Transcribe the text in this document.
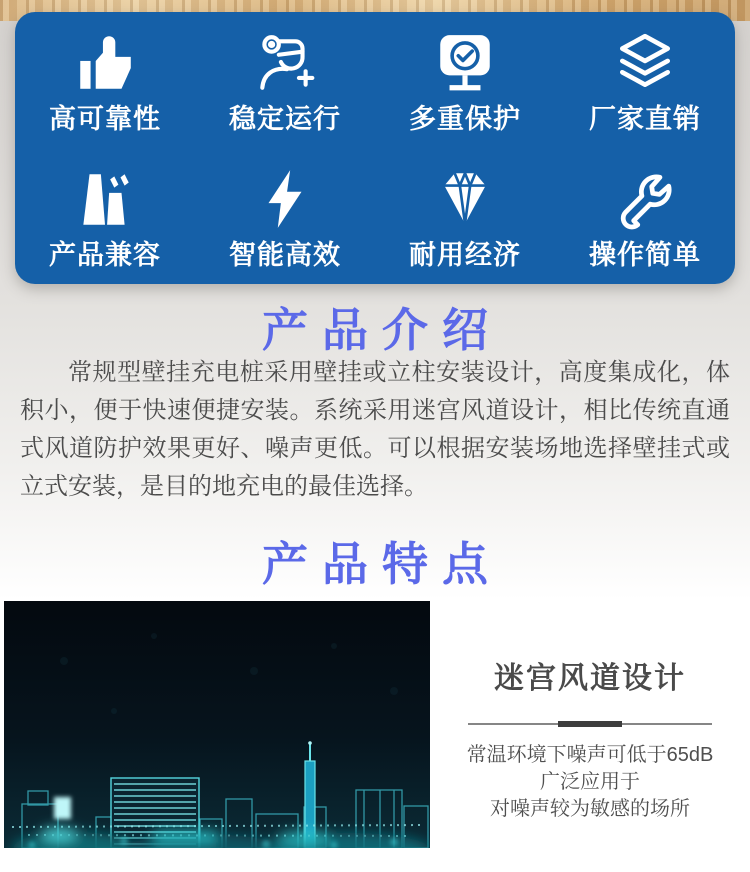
高可靠性	稳定运行	多重保护	厂家直销
产品兼容	智能高效	耐用经济	操作简单
产品介绍

常规型壁挂充电桩采用壁挂或立柱安装设计，高度集成化，体积小，便于快速便捷安装。系统采用迷宫风道设计，相比传统直通式风道防护效果更好、噪声更低。可以根据安装场地选择壁挂式或立式安装，是目的地充电的最佳选择。

产品特点
迷宫风道设计

常温环境下噪声可低于65dB

广泛应用于

对噪声较为敏感的场所
